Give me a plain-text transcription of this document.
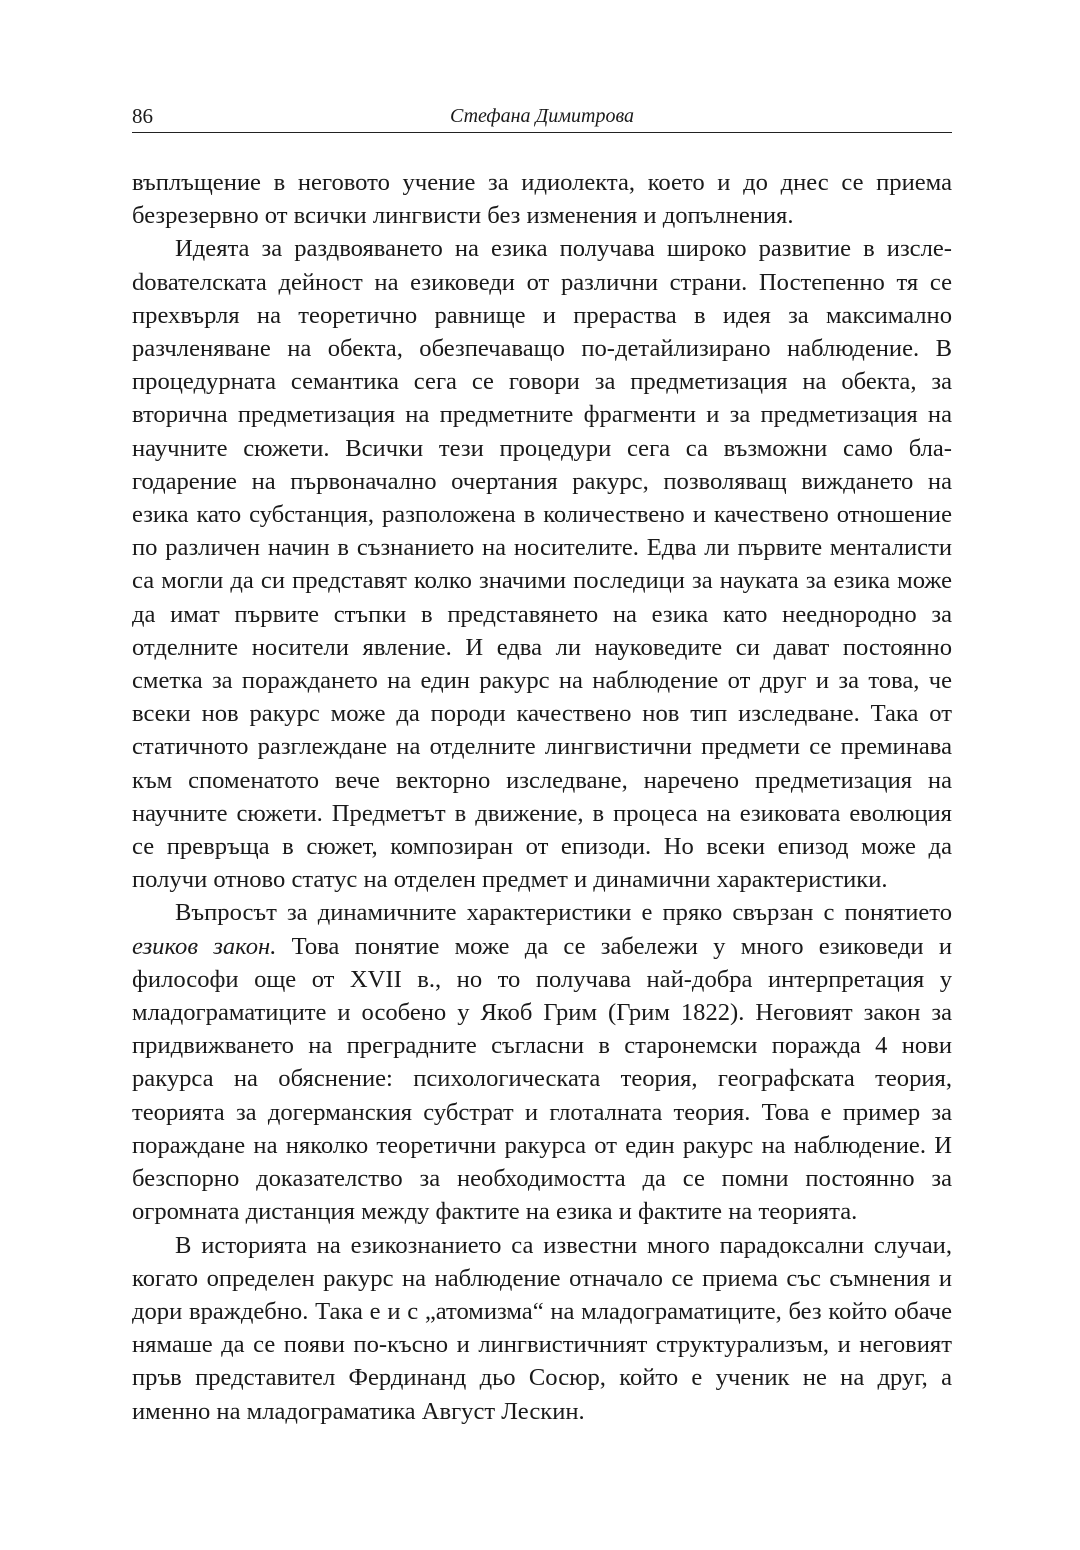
86	Стефана Димитрова

въплъщение в неговото учение за идиолекта, което и до днес се приема безрезервно от всички лингвисти без изменения и допълнения.

Идеята за раздвояването на езика получава широко развитие в изслеdователската дейност на езиковеди от различни страни. Постепенно тя се прехвърля на теоретично равнище и прераства в идея за максимално разчленяване на обекта, обезпечаващо по-детайлизирано наблюдение. В процедурната семантика сега се говори за предметизация на обекта, за вторична предметизация на предметните фрагменти и за предметизация на научните сюжети. Всички тези процедури сега са възможни само благодарение на първоначално очертания ракурс, позволяващ виждането на езика като субстанция, разположена в количествено и качествено отношение по различен начин в съзнанието на носителите. Едва ли първите менталисти са могли да си представят колко значими последици за науката за езика може да имат първите стъпки в представянето на езика като нееднородно за отделните носители явление. И едва ли науковедите си дават постоянно сметка за пораждането на един ракурс на наблюдение от друг и за това, че всеки нов ракурс може да породи качествено нов тип изследване. Така от статичното разглеждане на отделните лингвистични предмети се преминава към споменатото вече векторно изследване, наречено предметизация на научните сюжети. Предметът в движение, в процеса на езиковата еволюция се превръща в сюжет, композиран от епизоди. Но всеки епизод може да получи отново статус на отделен предмет и динамични характеристики.

Въпросът за динамичните характеристики е пряко свързан с понятието езиков закон. Това понятие може да се забележи у много езиковеди и философи още от XVII в., но то получава най-добра интерпретация у младограматиците и особено у Якоб Грим (Грим 1822). Неговият закон за придвижването на преградните съгласни в старонемски поражда 4 нови ракурса на обяснение: психологическата теория, географската теория, теорията за догерманския субстрат и глоталната теория. Това е пример за пораждане на няколко теоретични ракурса от един ракурс на наблюдение. И безспорно доказателство за необходимостта да се помни постоянно за огромната дистанция между фактите на езика и фактите на теорията.

В историята на езикознанието са известни много парадоксални случаи, когато определен ракурс на наблюдение отначало се приема със съмнения и дори враждебно. Така е и с „атомизма“ на младограматиците, без който обаче нямаше да се появи по-късно и лингвистичният структурализъм, и неговият пръв представител Фердинанд дьо Сосюр, който е ученик не на друг, а именно на младограматика Август Лескин.
